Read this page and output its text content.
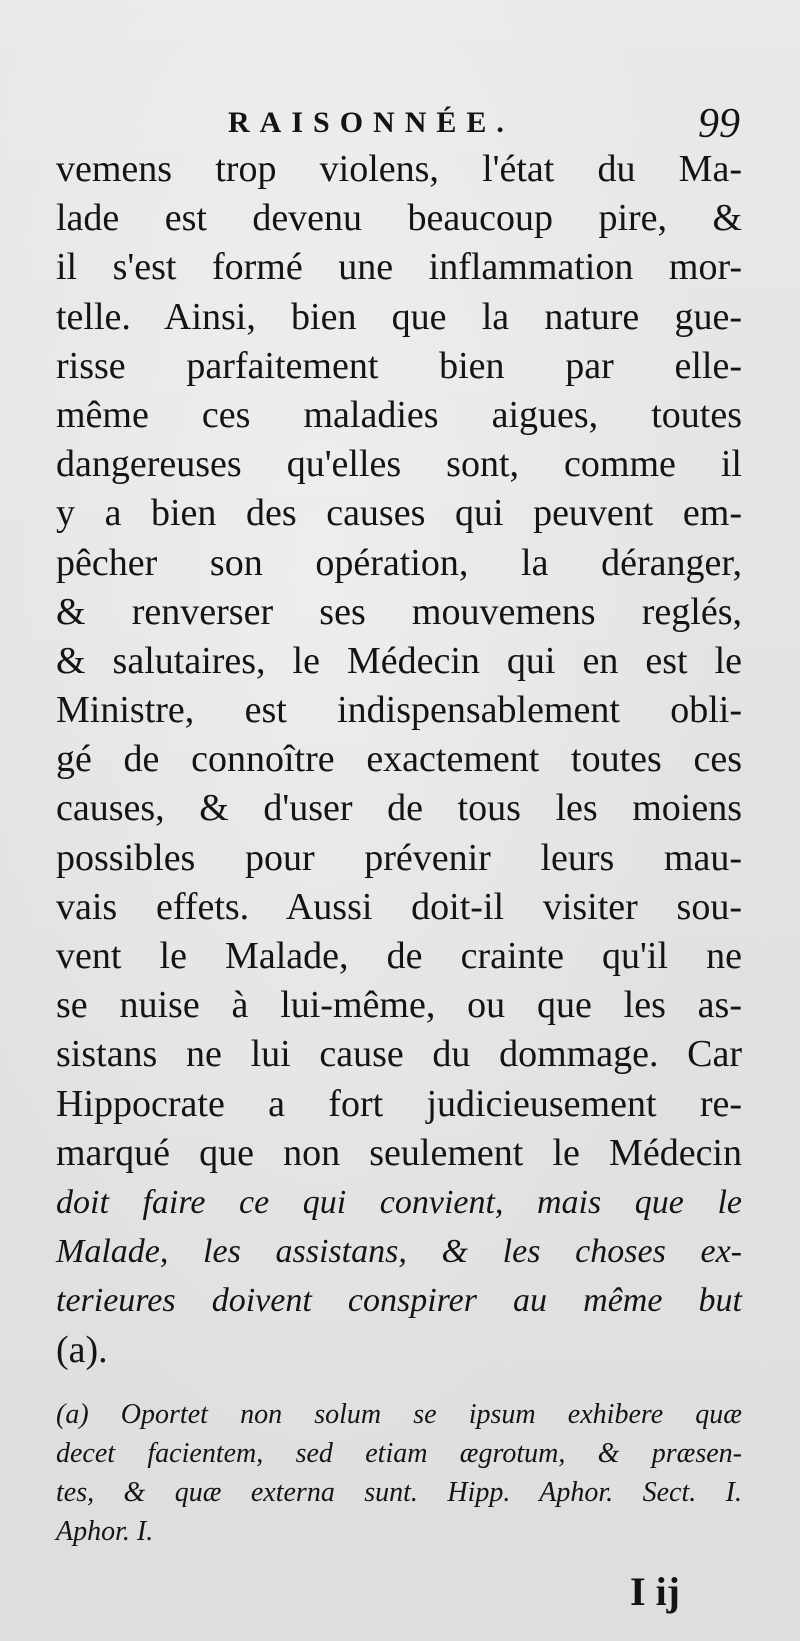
RAISONNÉE.	99
vemens trop violens, l'état du Ma-
lade est devenu beaucoup pire, &
il s'est formé une inflammation mor-
telle. Ainsi, bien que la nature gue-
risse parfaitement bien par elle-
même ces maladies aigues, toutes
dangereuses qu'elles sont, comme il
y a bien des causes qui peuvent em-
pêcher son opération, la déranger,
& renverser ses mouvemens reglés,
& salutaires, le Médecin qui en est le
Ministre, est indispensablement obli-
gé de connoître exactement toutes ces
causes, & d'user de tous les moiens
possibles pour prévenir leurs mau-
vais effets. Aussi doit-il visiter sou-
vent le Malade, de crainte qu'il ne
se nuise à lui-même, ou que les as-
sistans ne lui cause du dommage. Car
Hippocrate a fort judicieusement re-
marqué que non seulement le Médecin
doit faire ce qui convient, mais que le
Malade, les assistans, & les choses ex-
terieures doivent conspirer au même but
(a).
(a) Oportet non solum se ipsum exhibere quæ
decet facientem, sed etiam ægrotum, & præsen-
tes, & quæ externa sunt. Hipp. Aphor. Sect. I.
Aphor. I.
I ij
